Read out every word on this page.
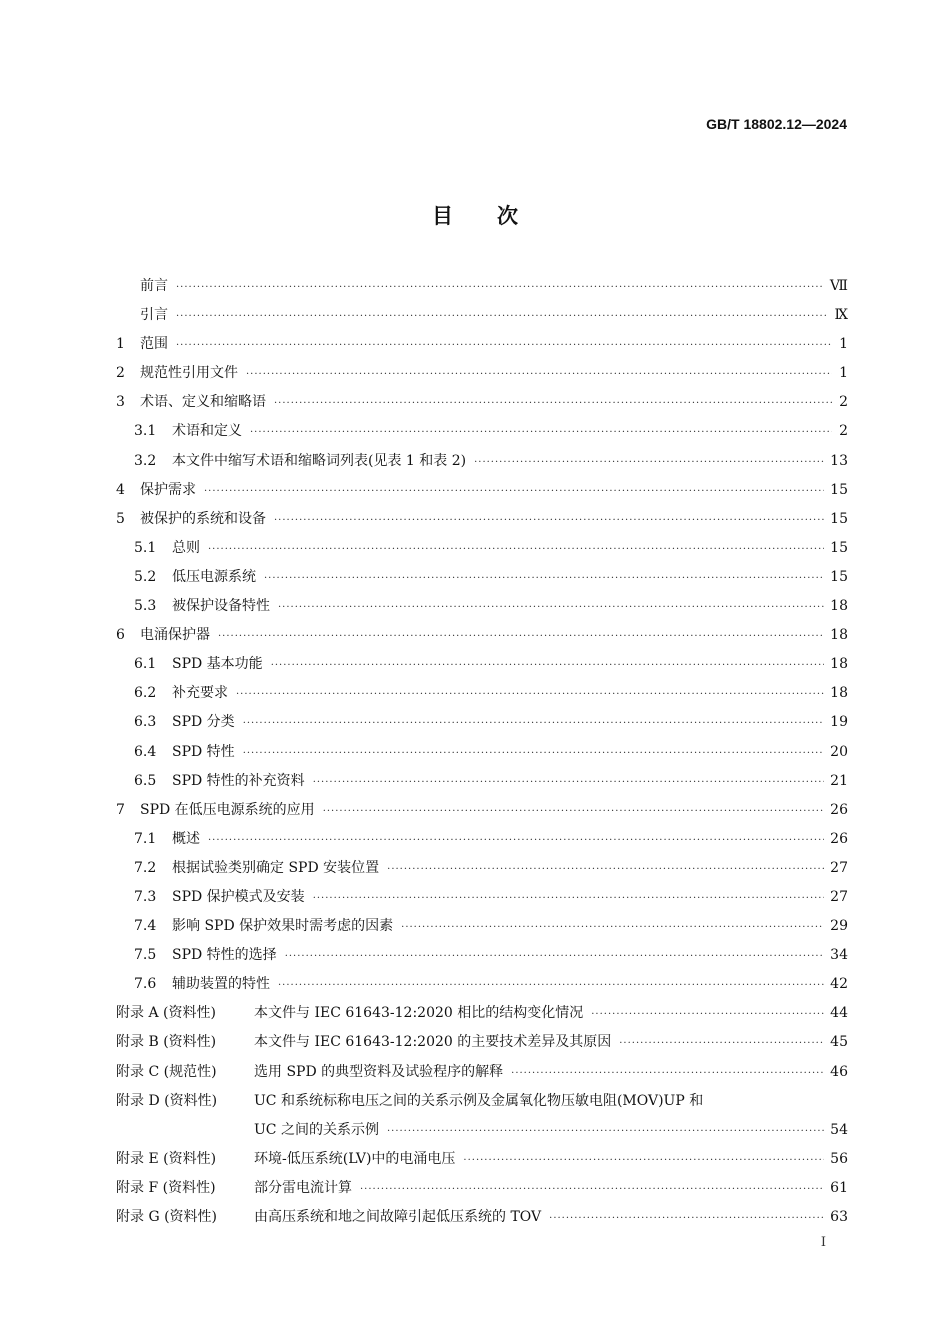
GB/T 18802.12—2024
目次
前言 ·····	Ⅶ
引言 ·····	Ⅸ
1	范围 ·····	1
2	规范性引用文件 ·····	1
3	术语、定义和缩略语 ·····	2
3.1	术语和定义 ·····	2
3.2	本文件中缩写术语和缩略词列表(见表 1 和表 2) ·····	13
4	保护需求 ·····	15
5	被保护的系统和设备 ·····	15
5.1	总则 ·····	15
5.2	低压电源系统 ·····	15
5.3	被保护设备特性 ·····	18
6	电涌保护器 ·····	18
6.1	SPD 基本功能 ·····	18
6.2	补充要求 ·····	18
6.3	SPD 分类 ·····	19
6.4	SPD 特性 ·····	20
6.5	SPD 特性的补充资料 ·····	21
7	SPD 在低压电源系统的应用 ·····	26
7.1	概述 ·····	26
7.2	根据试验类别确定 SPD 安装位置 ·····	27
7.3	SPD 保护模式及安装 ·····	27
7.4	影响 SPD 保护效果时需考虑的因素 ·····	29
7.5	SPD 特性的选择 ·····	34
7.6	辅助装置的特性 ·····	42
附录 A (资料性)	本文件与 IEC 61643-12:2020 相比的结构变化情况 ·····	44
附录 B (资料性)	本文件与 IEC 61643-12:2020 的主要技术差异及其原因 ·····	45
附录 C (规范性)	选用 SPD 的典型资料及试验程序的解释 ·····	46
附录 D (资料性)	UC 和系统标称电压之间的关系示例及金属氧化物压敏电阻(MOV)UP 和
UC 之间的关系示例 ·····	54
附录 E (资料性)	环境-低压系统(LV)中的电涌电压 ·····	56
附录 F (资料性)	部分雷电流计算 ·····	61
附录 G (资料性)	由高压系统和地之间故障引起低压系统的 TOV ·····	63
Ⅰ
